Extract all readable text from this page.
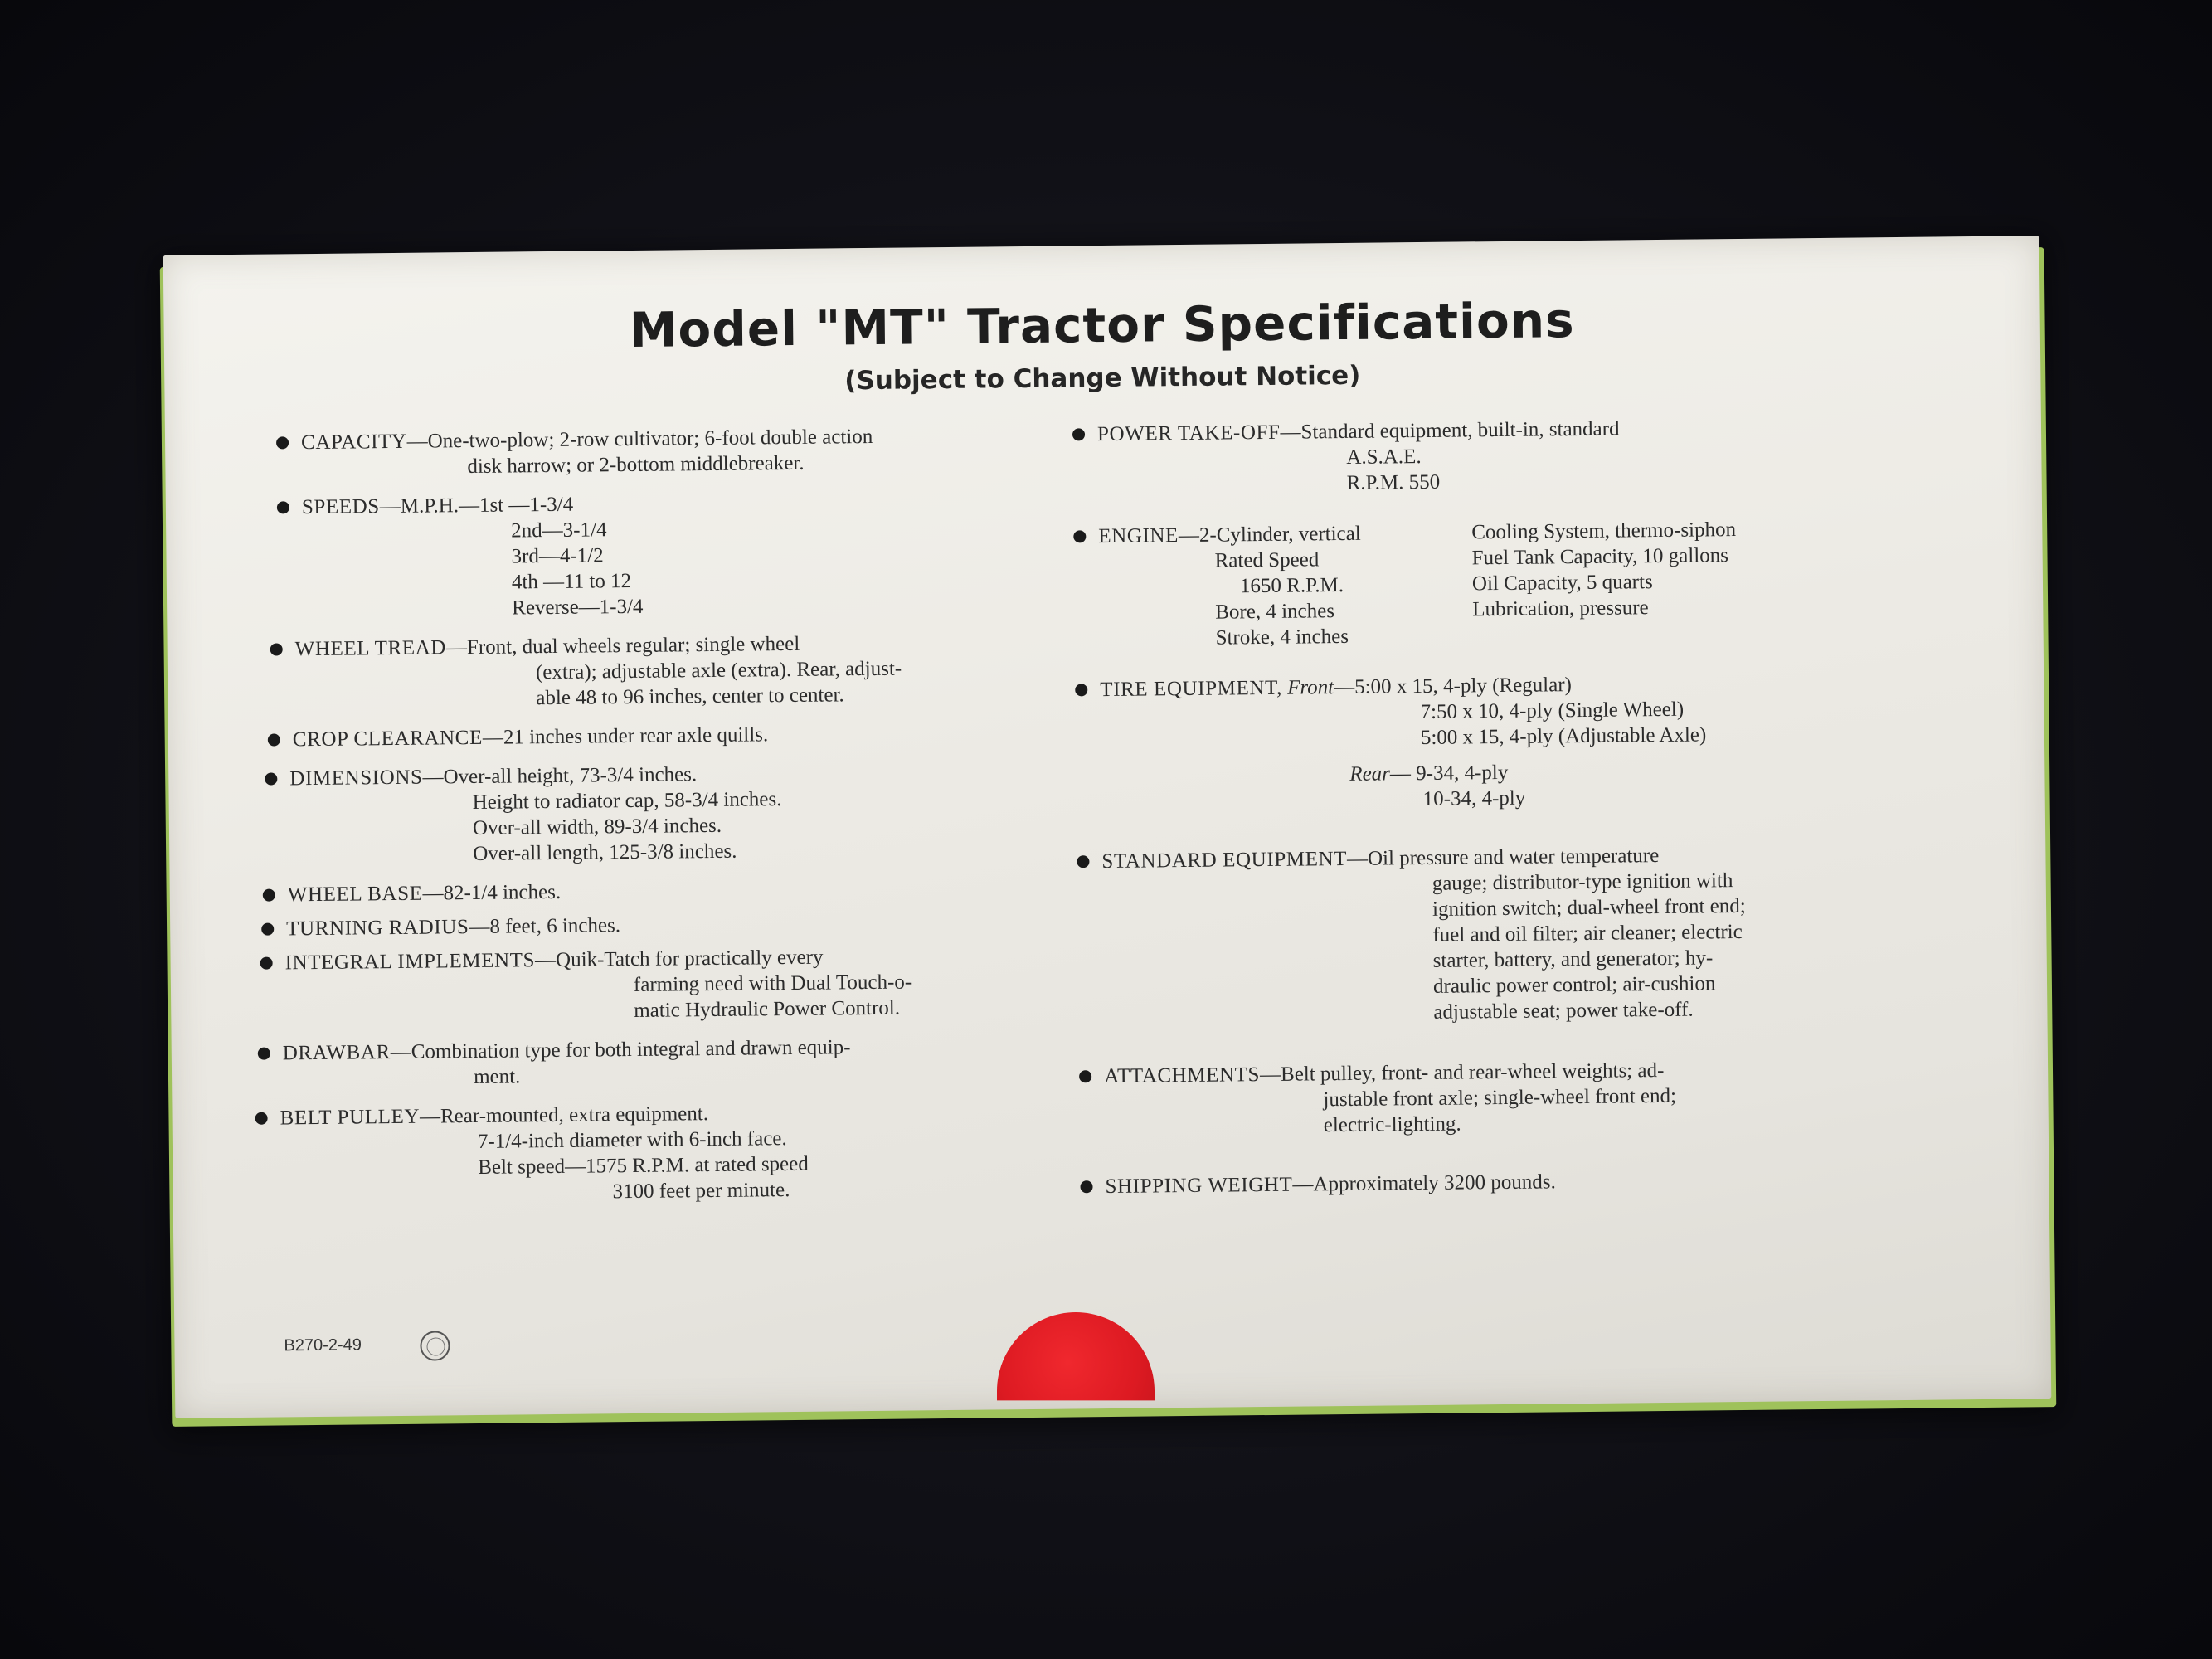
Model "MT" Tractor Specifications
(Subject to Change Without Notice)
CAPACITY—One-two-plow; 2-row cultivator; 6-foot double action
disk harrow; or 2-bottom middlebreaker.
SPEEDS—M.P.H.—1st —1-3/4
2nd—3-1/4
3rd—4-1/2
4th —11 to 12
Reverse—1-3/4
WHEEL TREAD—Front, dual wheels regular; single wheel
(extra); adjustable axle (extra). Rear, adjust-
able 48 to 96 inches, center to center.
CROP CLEARANCE—21 inches under rear axle quills.
DIMENSIONS—Over-all height, 73-3/4 inches.
Height to radiator cap, 58-3/4 inches.
Over-all width, 89-3/4 inches.
Over-all length, 125-3/8 inches.
WHEEL BASE—82-1/4 inches.
TURNING RADIUS—8 feet, 6 inches.
INTEGRAL IMPLEMENTS—Quik-Tatch for practically every
farming need with Dual Touch-o-
matic Hydraulic Power Control.
DRAWBAR—Combination type for both integral and drawn equip-
ment.
BELT PULLEY—Rear-mounted, extra equipment.
7-1/4-inch diameter with 6-inch face.
Belt speed—1575 R.P.M. at rated speed
3100 feet per minute.
POWER TAKE-OFF—Standard equipment, built-in, standard
A.S.A.E.
R.P.M. 550
ENGINE—2-Cylinder, vertical
Rated Speed
1650 R.P.M.
Bore, 4 inches
Stroke, 4 inches
Cooling System, thermo-siphon
Fuel Tank Capacity, 10 gallons
Oil Capacity, 5 quarts
Lubrication, pressure
TIRE EQUIPMENT, Front—5:00 x 15, 4-ply (Regular)
7:50 x 10, 4-ply (Single Wheel)
5:00 x 15, 4-ply (Adjustable Axle)
Rear— 9-34, 4-ply
10-34, 4-ply
STANDARD EQUIPMENT—Oil pressure and water temperature
gauge; distributor-type ignition with
ignition switch; dual-wheel front end;
fuel and oil filter; air cleaner; electric
starter, battery, and generator; hy-
draulic power control; air-cushion
adjustable seat; power take-off.
ATTACHMENTS—Belt pulley, front- and rear-wheel weights; ad-
justable front axle; single-wheel front end;
electric-lighting.
SHIPPING WEIGHT—Approximately 3200 pounds.
B270-2-49
